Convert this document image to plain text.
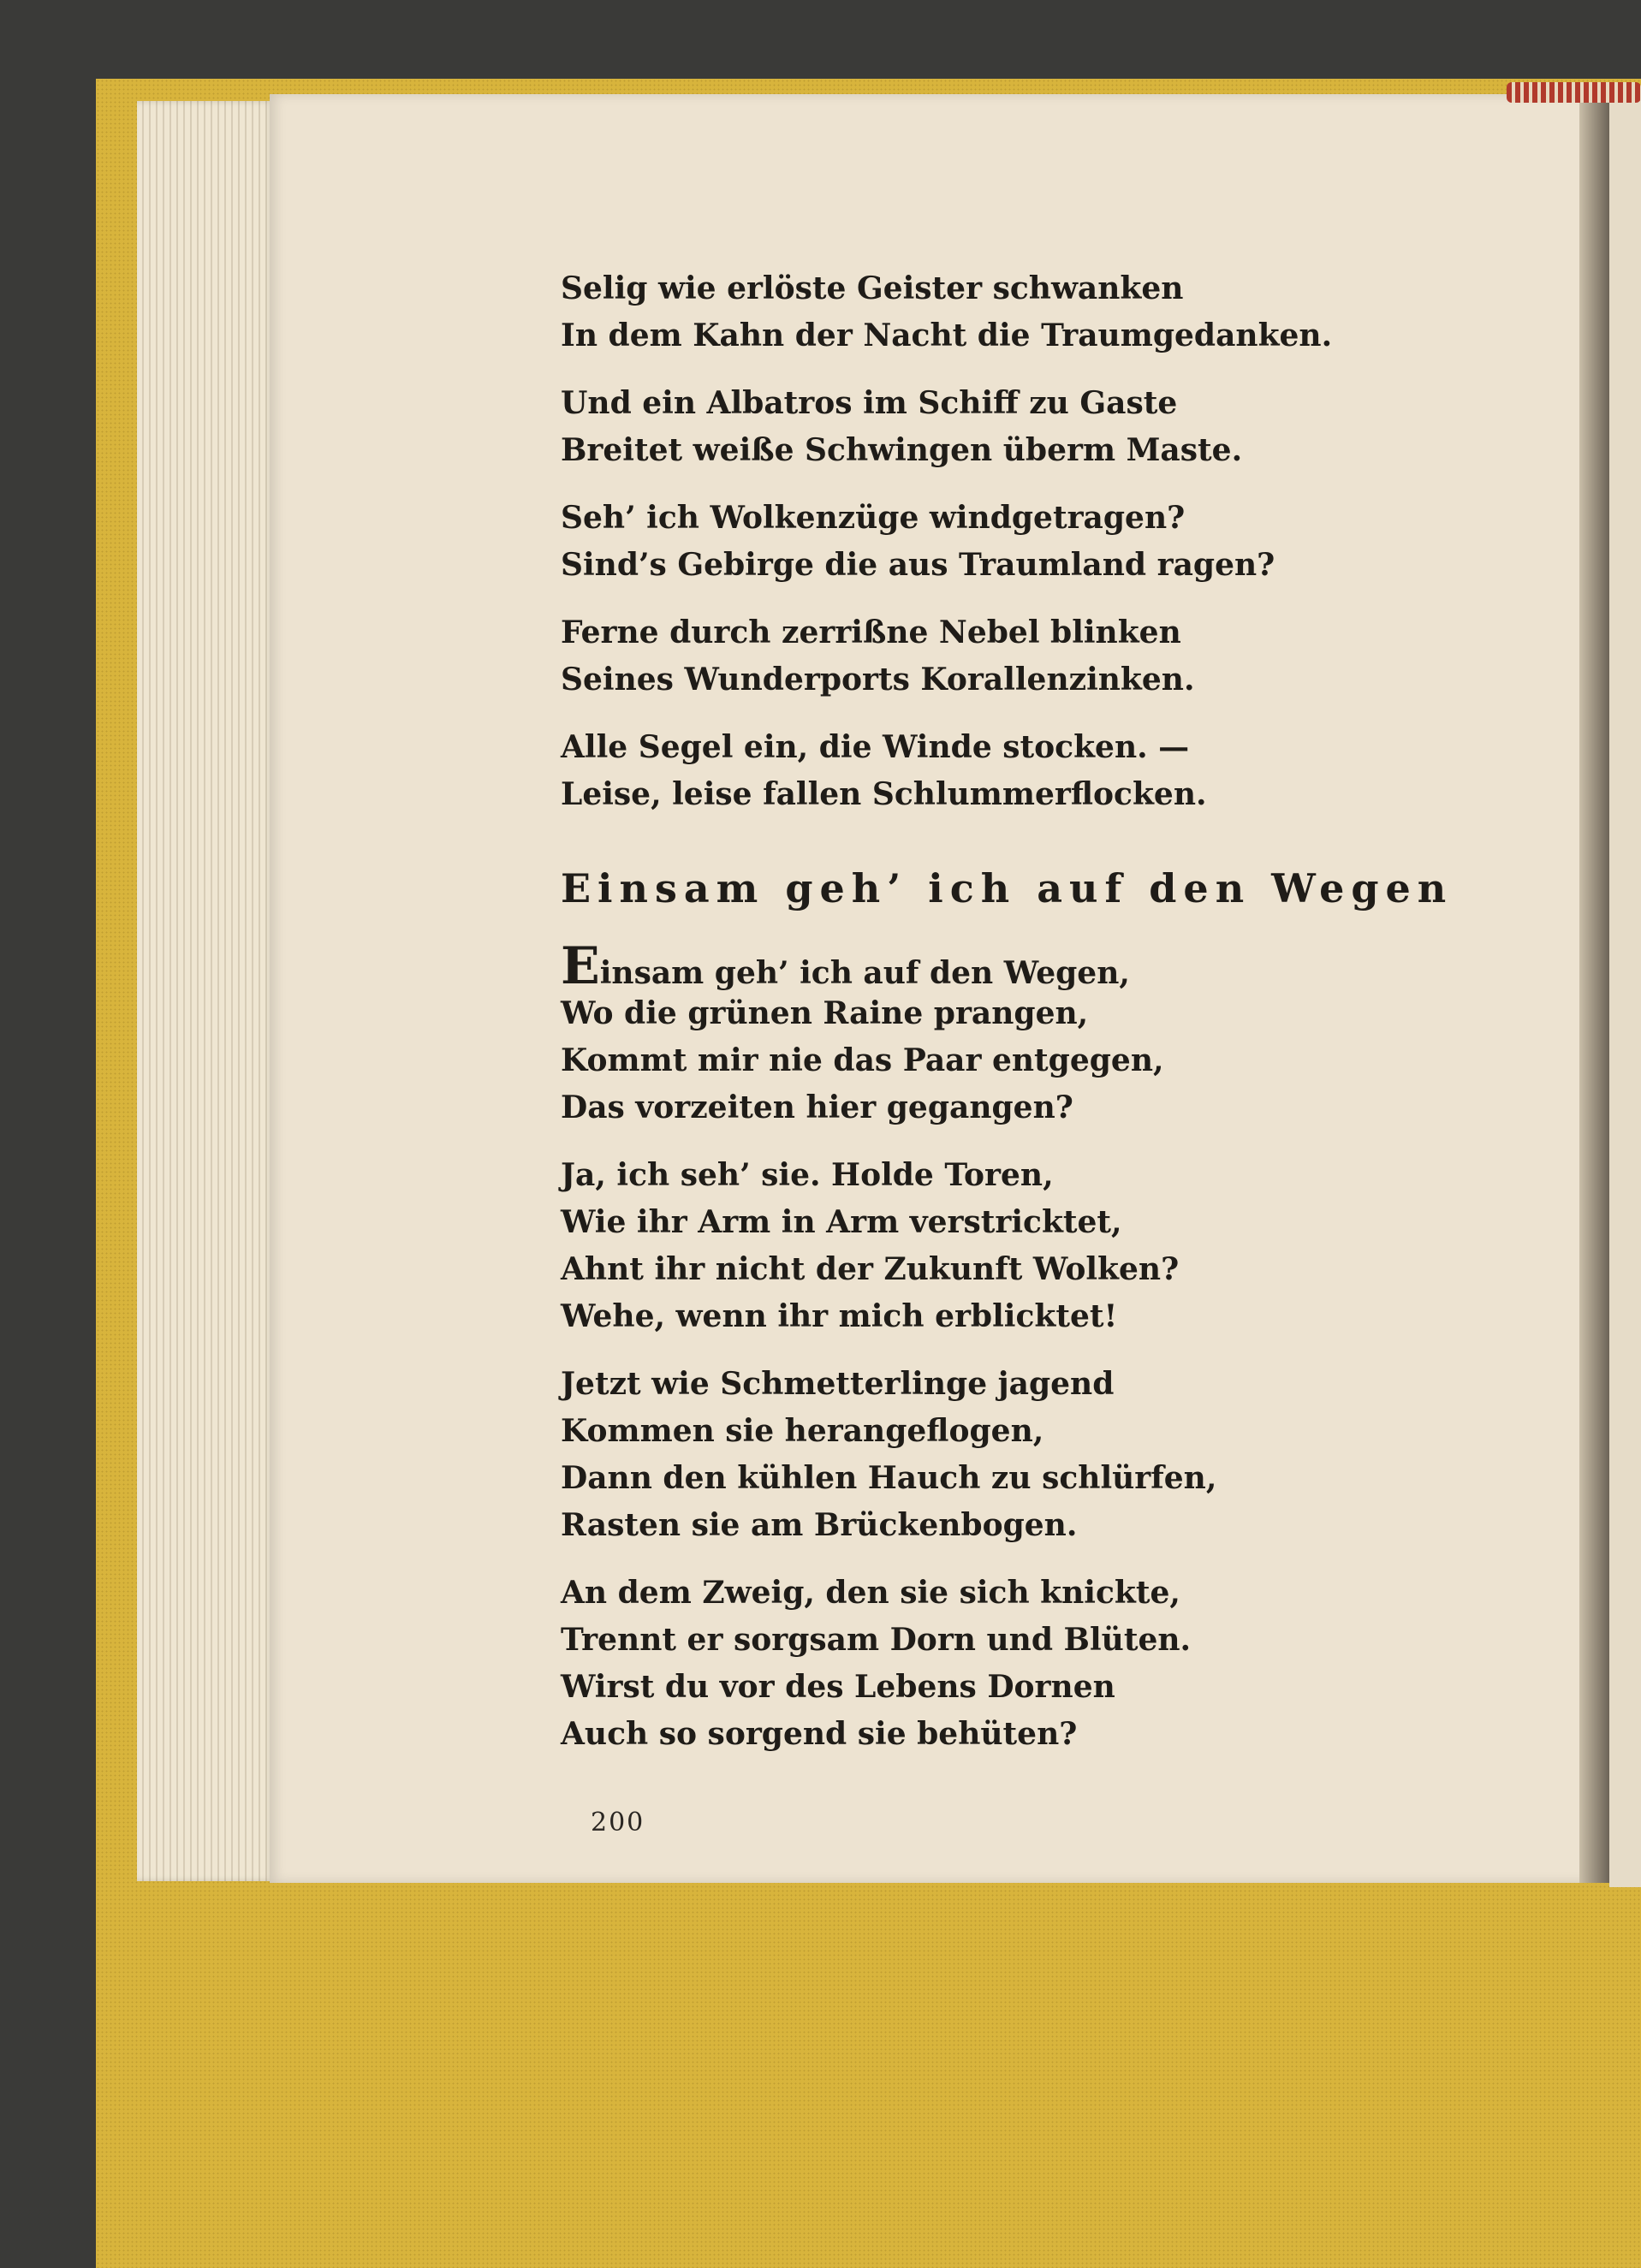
Selig wie erlöste Geister schwanken
In dem Kahn der Nacht die Traumgedanken.
Und ein Albatros im Schiff zu Gaste
Breitet weiße Schwingen überm Maste.
Seh’ ich Wolkenzüge windgetragen?
Sind’s Gebirge die aus Traumland ragen?
Ferne durch zerrißne Nebel blinken
Seines Wunderports Korallenzinken.
Alle Segel ein, die Winde stocken. —
Leise, leise fallen Schlummerflocken.
Einsam geh’ ich auf den Wegen
Einsam geh’ ich auf den Wegen,
Wo die grünen Raine prangen,
Kommt mir nie das Paar entgegen,
Das vorzeiten hier gegangen?
Ja, ich seh’ sie. Holde Toren,
Wie ihr Arm in Arm verstricktet,
Ahnt ihr nicht der Zukunft Wolken?
Wehe, wenn ihr mich erblicktet!
Jetzt wie Schmetterlinge jagend
Kommen sie herangeflogen,
Dann den kühlen Hauch zu schlürfen,
Rasten sie am Brückenbogen.
An dem Zweig, den sie sich knickte,
Trennt er sorgsam Dorn und Blüten.
Wirst du vor des Lebens Dornen
Auch so sorgend sie behüten?
200
